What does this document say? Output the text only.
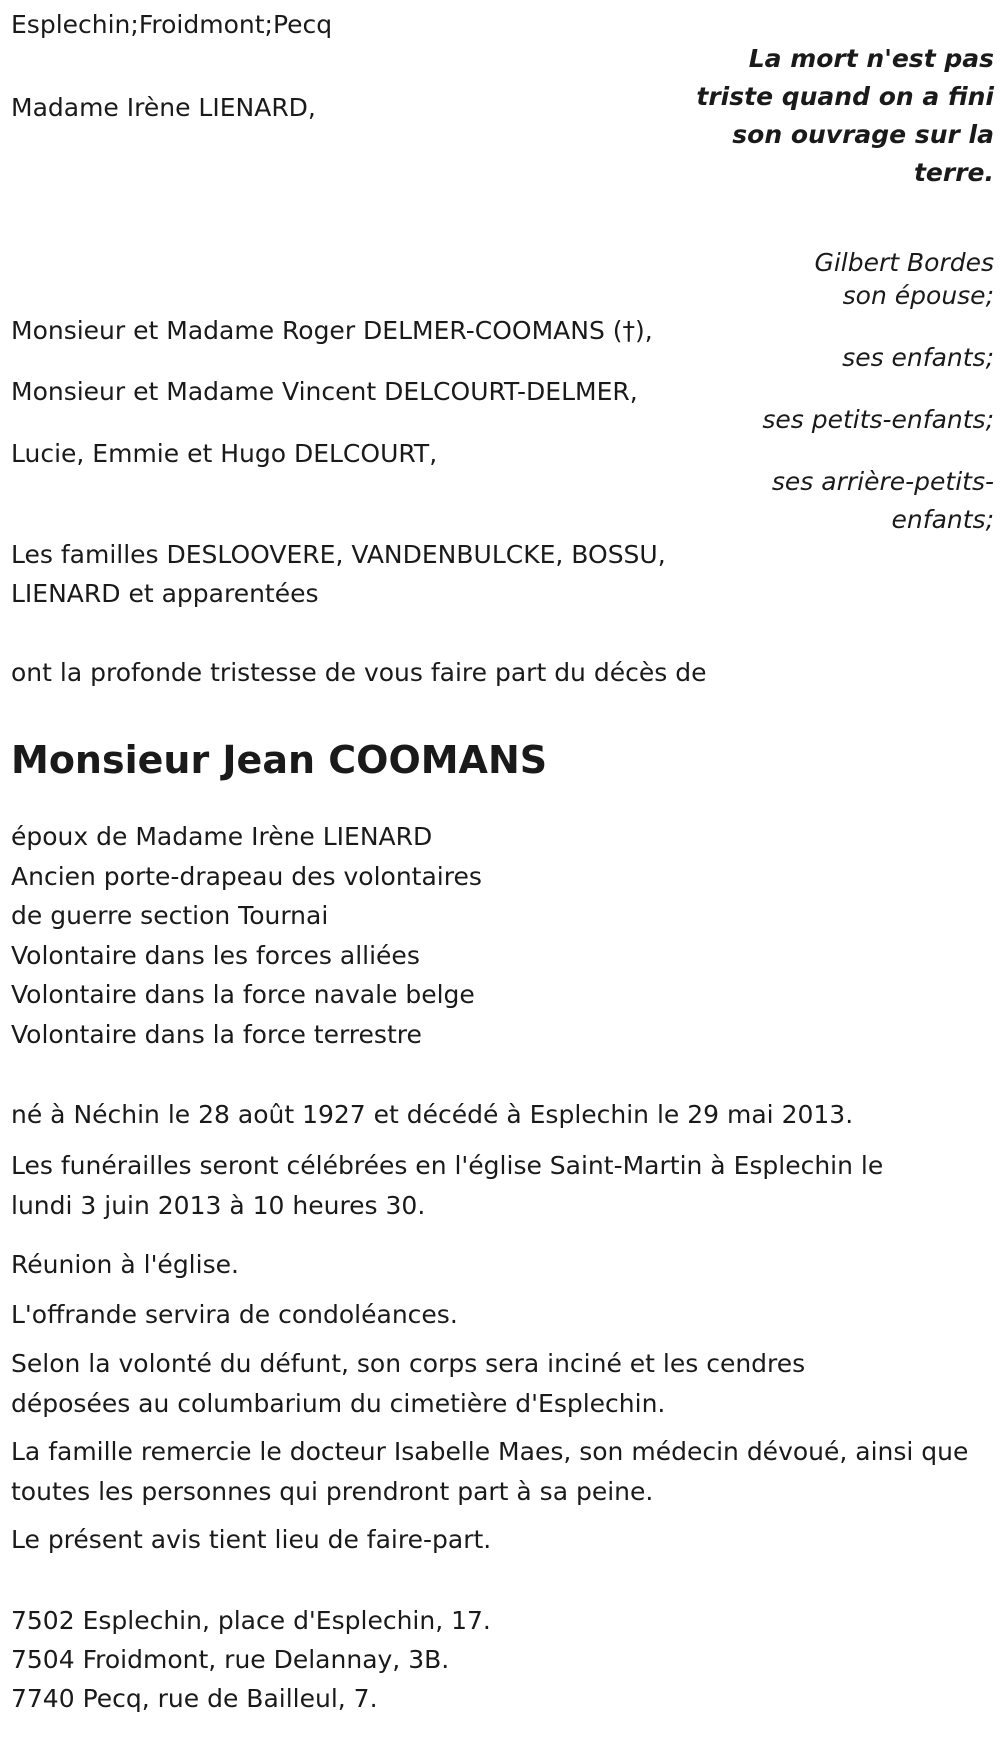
Esplechin;Froidmont;Pecq
La mort n'est pas triste quand on a fini son ouvrage sur la terre.
Gilbert Bordes
Madame Irène LIENARD,
son épouse;
Monsieur et Madame Roger DELMER-COOMANS (†),
ses enfants;
Monsieur et Madame Vincent DELCOURT-DELMER,
ses petits-enfants;
Lucie, Emmie et Hugo DELCOURT,
ses arrière-petits-enfants;
Les familles DESLOOVERE, VANDENBULCKE, BOSSU,
LIENARD et apparentées
ont la profonde tristesse de vous faire part du décès de
Monsieur Jean COOMANS
époux de Madame Irène LIENARD
Ancien porte-drapeau des volontaires
de guerre section Tournai
Volontaire dans les forces alliées
Volontaire dans la force navale belge
Volontaire dans la force terrestre
né à Néchin le 28 août 1927 et décédé à Esplechin le 29 mai 2013.
Les funérailles seront célébrées en l'église Saint-Martin à Esplechin le lundi 3 juin 2013 à 10 heures 30.
Réunion à l'église.
L'offrande servira de condoléances.
Selon la volonté du défunt, son corps sera inciné et les cendres déposées au columbarium du cimetière d'Esplechin.
La famille remercie le docteur Isabelle Maes, son médecin dévoué, ainsi que toutes les personnes qui prendront part à sa peine.
Le présent avis tient lieu de faire-part.
7502 Esplechin, place d'Esplechin, 17.
7504 Froidmont, rue Delannay, 3B.
7740 Pecq, rue de Bailleul, 7.
